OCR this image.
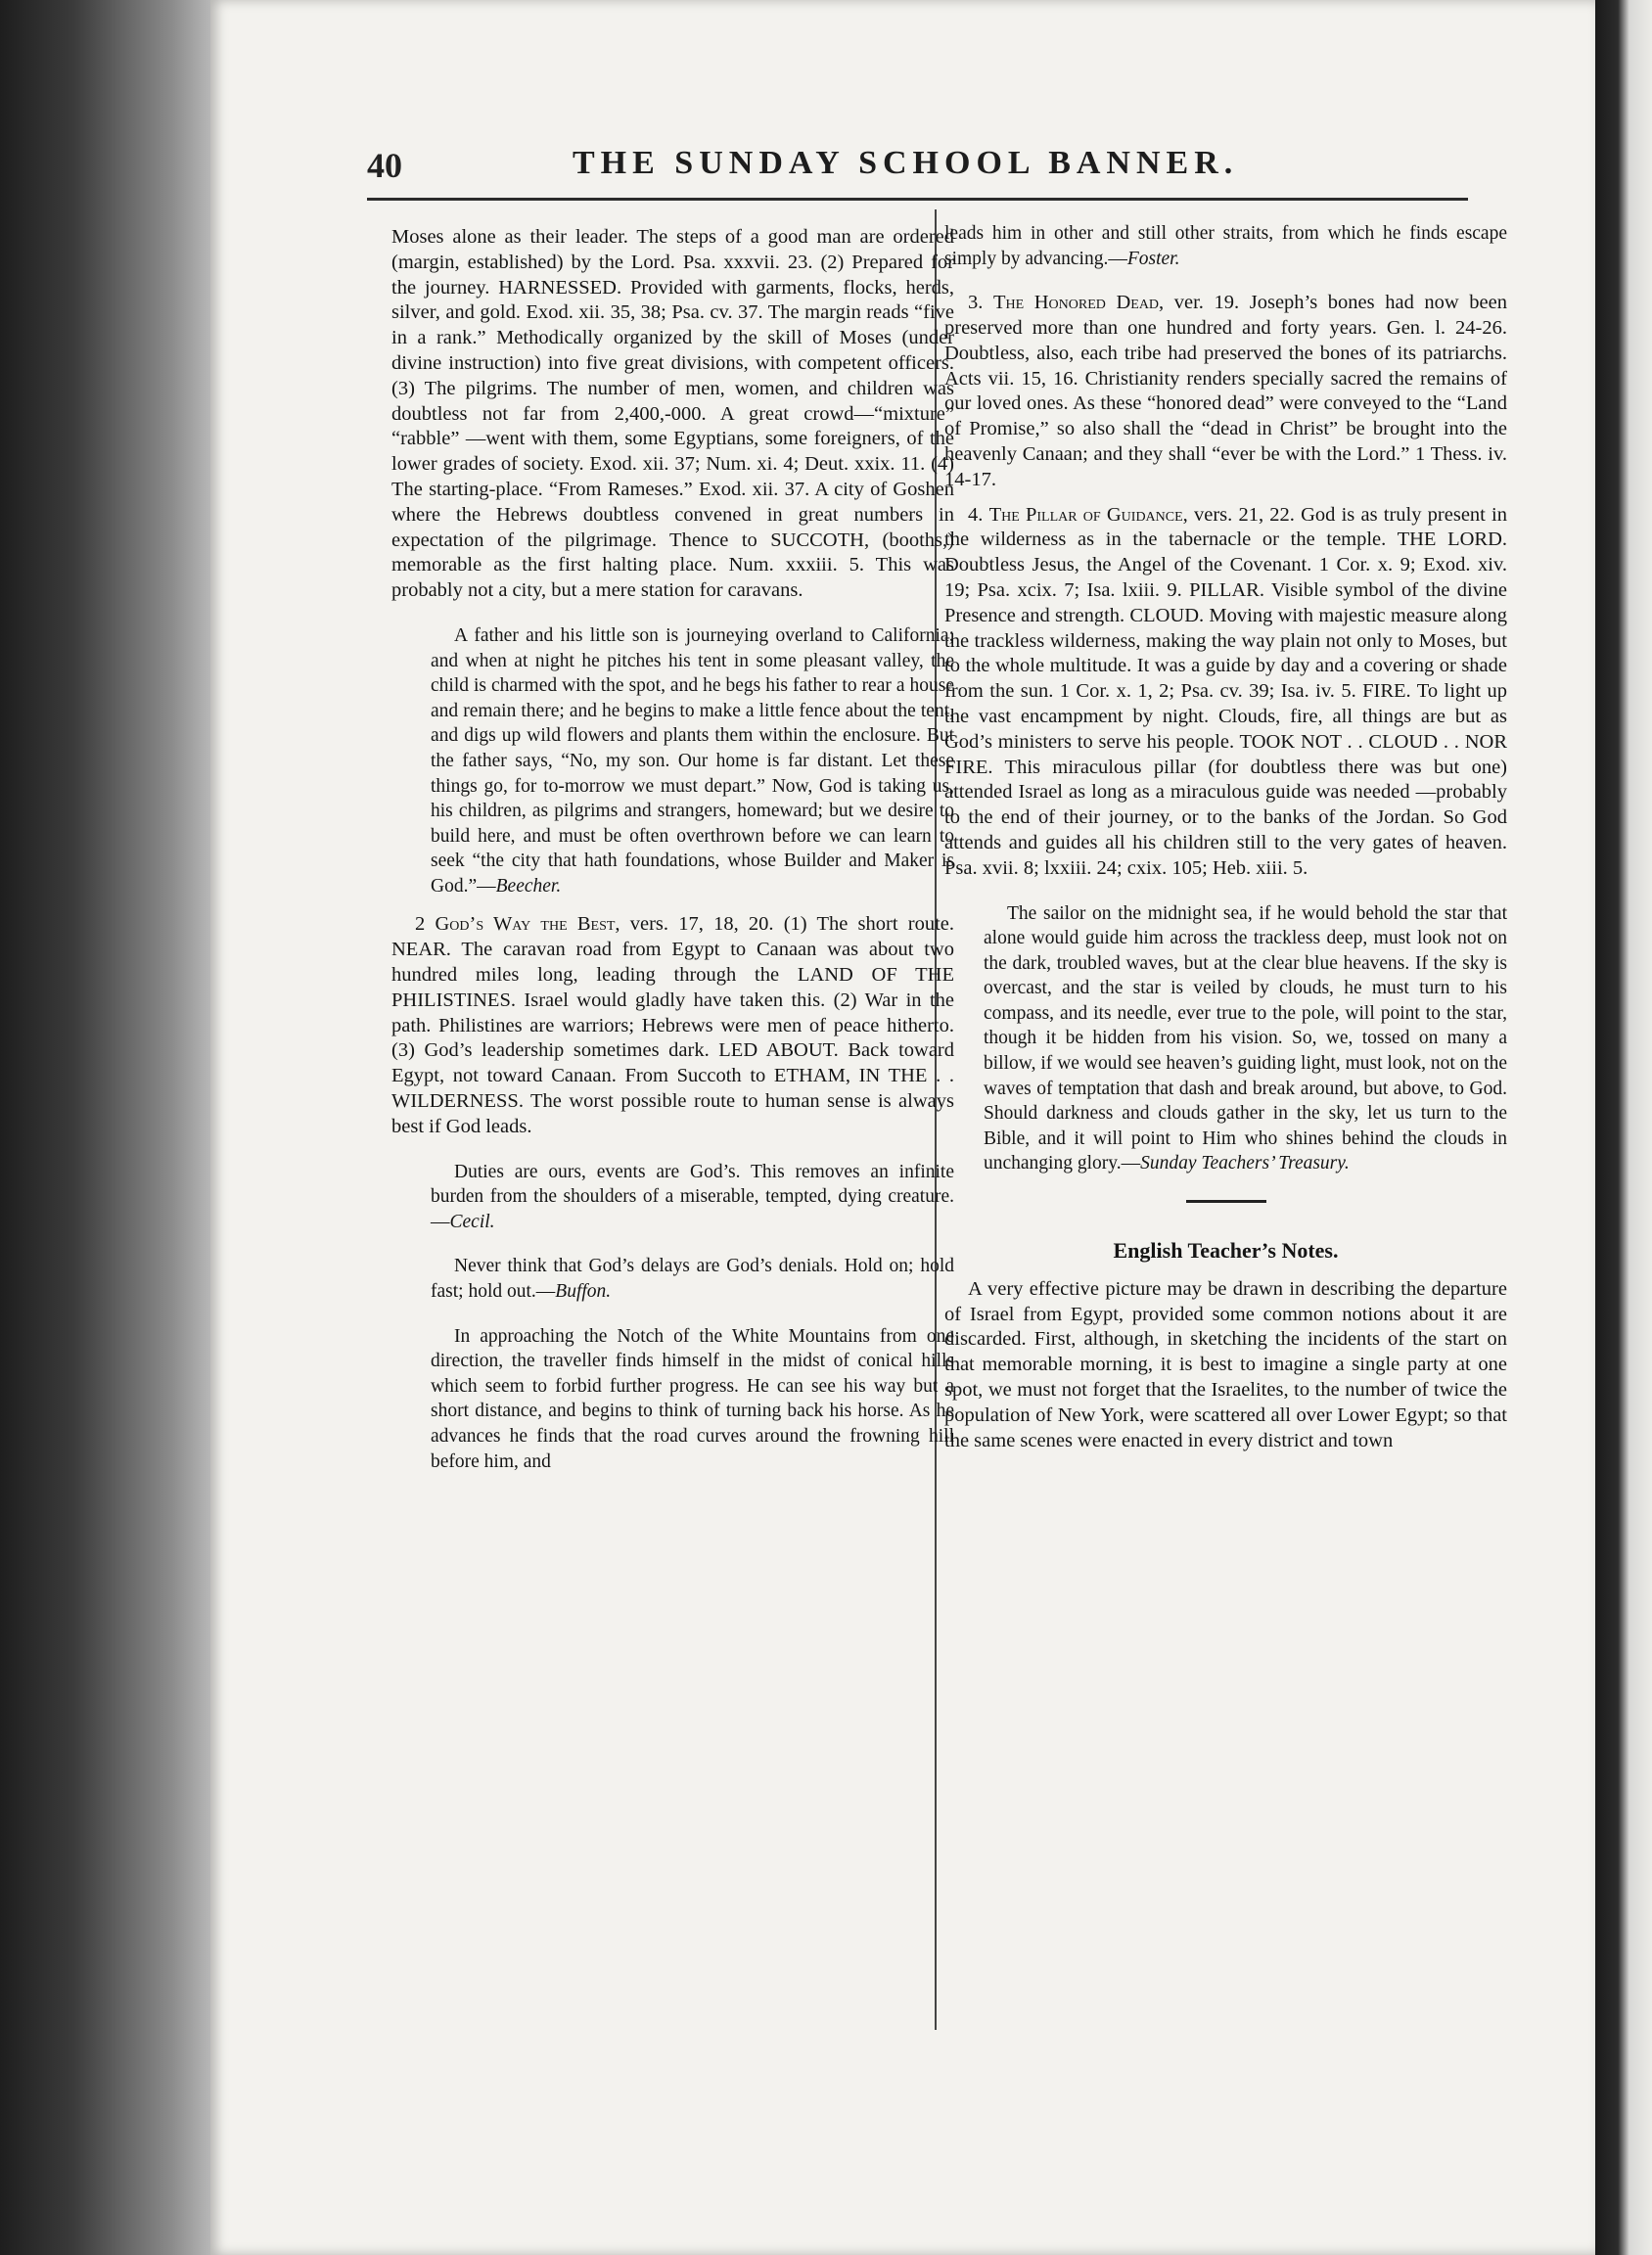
40	THE SUNDAY SCHOOL BANNER.

Moses alone as their leader. The steps of a good man are ordered (margin, established) by the Lord. Psa. xxxvii. 23. (2) Prepared for the journey. HARNESSED. Provided with garments, flocks, herds, silver, and gold. Exod. xii. 35, 38; Psa. cv. 37. The margin reads “five in a rank.” Methodically organized by the skill of Moses (under divine instruction) into five great divisions, with competent officers. (3) The pilgrims. The number of men, women, and children was doubtless not far from 2,400,-000. A great crowd—“mixture” “rabble” —went with them, some Egyptians, some foreigners, of the lower grades of society. Exod. xii. 37; Num. xi. 4; Deut. xxix. 11. (4) The starting-place. “From Rameses.” Exod. xii. 37. A city of Goshen where the Hebrews doubtless convened in great numbers in expectation of the pilgrimage. Thence to SUCCOTH, (booths,) memorable as the first halting place. Num. xxxiii. 5. This was probably not a city, but a mere station for caravans.

A father and his little son is journeying overland to California; and when at night he pitches his tent in some pleasant valley, the child is charmed with the spot, and he begs his father to rear a house and remain there; and he begins to make a little fence about the tent, and digs up wild flowers and plants them within the enclosure. But the father says, “No, my son. Our home is far distant. Let these things go, for to-morrow we must depart.” Now, God is taking us, his children, as pilgrims and strangers, homeward; but we desire to build here, and must be often overthrown before we can learn to seek “the city that hath foundations, whose Builder and Maker is God.”—Beecher.

2 God’s Way the Best, vers. 17, 18, 20. (1) The short route. NEAR. The caravan road from Egypt to Canaan was about two hundred miles long, leading through the LAND OF THE PHILISTINES. Israel would gladly have taken this. (2) War in the path. Philistines are warriors; Hebrews were men of peace hitherto. (3) God’s leadership sometimes dark. LED ABOUT. Back toward Egypt, not toward Canaan. From Succoth to ETHAM, IN THE . . WILDERNESS. The worst possible route to human sense is always best if God leads.

Duties are ours, events are God’s. This removes an infinite burden from the shoulders of a miserable, tempted, dying creature. —Cecil.

Never think that God’s delays are God’s denials. Hold on; hold fast; hold out.—Buffon.

In approaching the Notch of the White Mountains from one direction, the traveller finds himself in the midst of conical hills which seem to forbid further progress. He can see his way but a short distance, and begins to think of turning back his horse. As he advances he finds that the road curves around the frowning hill before him, and

leads him in other and still other straits, from which he finds escape simply by advancing.—Foster.

3. The Honored Dead, ver. 19. Joseph’s bones had now been preserved more than one hundred and forty years. Gen. l. 24-26. Doubtless, also, each tribe had preserved the bones of its patriarchs. Acts vii. 15, 16. Christianity renders specially sacred the remains of our loved ones. As these “honored dead” were conveyed to the “Land of Promise,” so also shall the “dead in Christ” be brought into the heavenly Canaan; and they shall “ever be with the Lord.” 1 Thess. iv. 14-17.

4. The Pillar of Guidance, vers. 21, 22. God is as truly present in the wilderness as in the tabernacle or the temple. THE LORD. Doubtless Jesus, the Angel of the Covenant. 1 Cor. x. 9; Exod. xiv. 19; Psa. xcix. 7; Isa. lxiii. 9. PILLAR. Visible symbol of the divine Presence and strength. CLOUD. Moving with majestic measure along the trackless wilderness, making the way plain not only to Moses, but to the whole multitude. It was a guide by day and a covering or shade from the sun. 1 Cor. x. 1, 2; Psa. cv. 39; Isa. iv. 5. FIRE. To light up the vast encampment by night. Clouds, fire, all things are but as God’s ministers to serve his people. TOOK NOT . . CLOUD . . NOR FIRE. This miraculous pillar (for doubtless there was but one) attended Israel as long as a miraculous guide was needed —probably to the end of their journey, or to the banks of the Jordan. So God attends and guides all his children still to the very gates of heaven. Psa. xvii. 8; lxxiii. 24; cxix. 105; Heb. xiii. 5.

The sailor on the midnight sea, if he would behold the star that alone would guide him across the trackless deep, must look not on the dark, troubled waves, but at the clear blue heavens. If the sky is overcast, and the star is veiled by clouds, he must turn to his compass, and its needle, ever true to the pole, will point to the star, though it be hidden from his vision. So, we, tossed on many a billow, if we would see heaven’s guiding light, must look, not on the waves of temptation that dash and break around, but above, to God. Should darkness and clouds gather in the sky, let us turn to the Bible, and it will point to Him who shines behind the clouds in unchanging glory.—Sunday Teachers’ Treasury.

English Teacher’s Notes.

A very effective picture may be drawn in describing the departure of Israel from Egypt, provided some common notions about it are discarded. First, although, in sketching the incidents of the start on that memorable morning, it is best to imagine a single party at one spot, we must not forget that the Israelites, to the number of twice the population of New York, were scattered all over Lower Egypt; so that the same scenes were enacted in every district and town
